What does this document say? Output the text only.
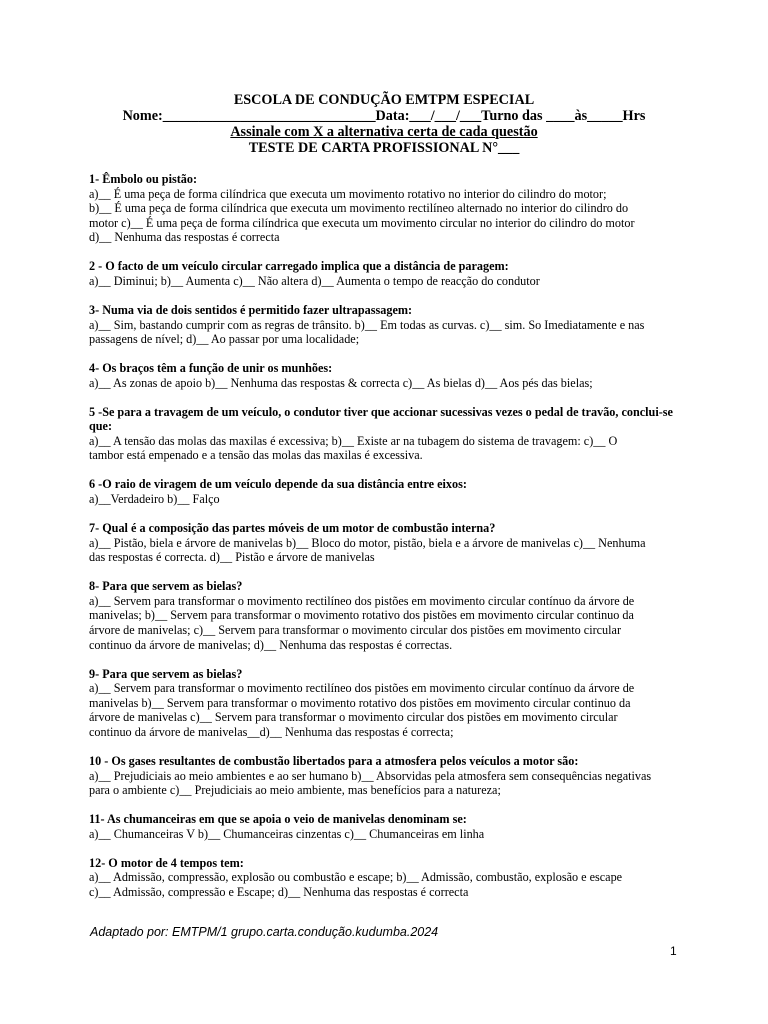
ESCOLA DE CONDUÇÃO EMTPM ESPECIAL
Nome:______________________________Data:___/___/___Turno das ____às_____Hrs
Assinale com X a alternativa certa de cada questão
TESTE DE CARTA PROFISSIONAL N°___
1- Êmbolo ou pistão:
a)__ É uma peça de forma cilíndrica que executa um movimento rotativo no interior do cilindro do motor;
b)__ É uma peça de forma cilíndrica que executa um movimento rectilíneo alternado no interior do cilindro do
motor c)__ É uma peça de forma cilíndrica que executa um movimento circular no interior do cilindro do motor
d)__ Nenhuma das respostas é correcta
2 - O facto de um veículo circular carregado implica que a distância de paragem:
a)__ Diminui; b)__ Aumenta c)__ Não altera d)__ Aumenta o tempo de reacção do condutor
3- Numa via de dois sentidos é permitido fazer ultrapassagem:
a)__ Sim, bastando cumprir com as regras de trânsito. b)__ Em todas as curvas. c)__ sim. So Imediatamente e nas
passagens de nível; d)__ Ao passar por uma localidade;
4- Os braços têm a função de unir os munhões:
a)__ As zonas de apoio b)__ Nenhuma das respostas & correcta c)__ As bielas d)__ Aos pés das bielas;
5 -Se para a travagem de um veículo, o condutor tiver que accionar sucessivas vezes o pedal de travão, conclui-se que:
a)__ A tensão das molas das maxilas é excessiva; b)__ Existe ar na tubagem do sistema de travagem: c)__ O
tambor está empenado e a tensão das molas das maxilas é excessiva.
6 -O raio de viragem de um veículo depende da sua distância entre eixos:
a)__Verdadeiro b)__ Falço
7- Qual é a composição das partes móveis de um motor de combustão interna?
a)__ Pistão, biela e árvore de manivelas b)__ Bloco do motor, pistão, biela e a árvore de manivelas c)__ Nenhuma
das respostas é correcta. d)__ Pistão e árvore de manivelas
8- Para que servem as bielas?
a)__ Servem para transformar o movimento rectilíneo dos pistões em movimento circular contínuo da árvore de
manivelas; b)__ Servem para transformar o movimento rotativo dos pistões em movimento circular continuo da
árvore de manivelas; c)__ Servem para transformar o movimento circular dos pistões em movimento circular
continuo da árvore de manivelas; d)__ Nenhuma das respostas é correctas.
9- Para que servem as bielas?
a)__ Servem para transformar o movimento rectilíneo dos pistões em movimento circular contínuo da árvore de
manivelas b)__ Servem para transformar o movimento rotativo dos pistões em movimento circular continuo da
árvore de manivelas c)__ Servem para transformar o movimento circular dos pistões em movimento circular
continuo da árvore de manivelas__d)__ Nenhuma das respostas é correcta;
10 - Os gases resultantes de combustão libertados para a atmosfera pelos veículos a motor são:
a)__ Prejudiciais ao meio ambientes e ao ser humano b)__ Absorvidas pela atmosfera sem consequências negativas
para o ambiente c)__ Prejudiciais ao meio ambiente, mas benefícios para a natureza;
11- As chumanceiras em que se apoia o veio de manivelas denominam se:
a)__ Chumanceiras V b)__ Chumanceiras cinzentas c)__ Chumanceiras em linha
12- O motor de 4 tempos tem:
a)__ Admissão, compressão, explosão ou combustão e escape; b)__ Admissão, combustão, explosão e escape
c)__ Admissão, compressão e Escape; d)__ Nenhuma das respostas é correcta
Adaptado por: EMTPM/1 grupo.carta.condução.kudumba.2024
1
